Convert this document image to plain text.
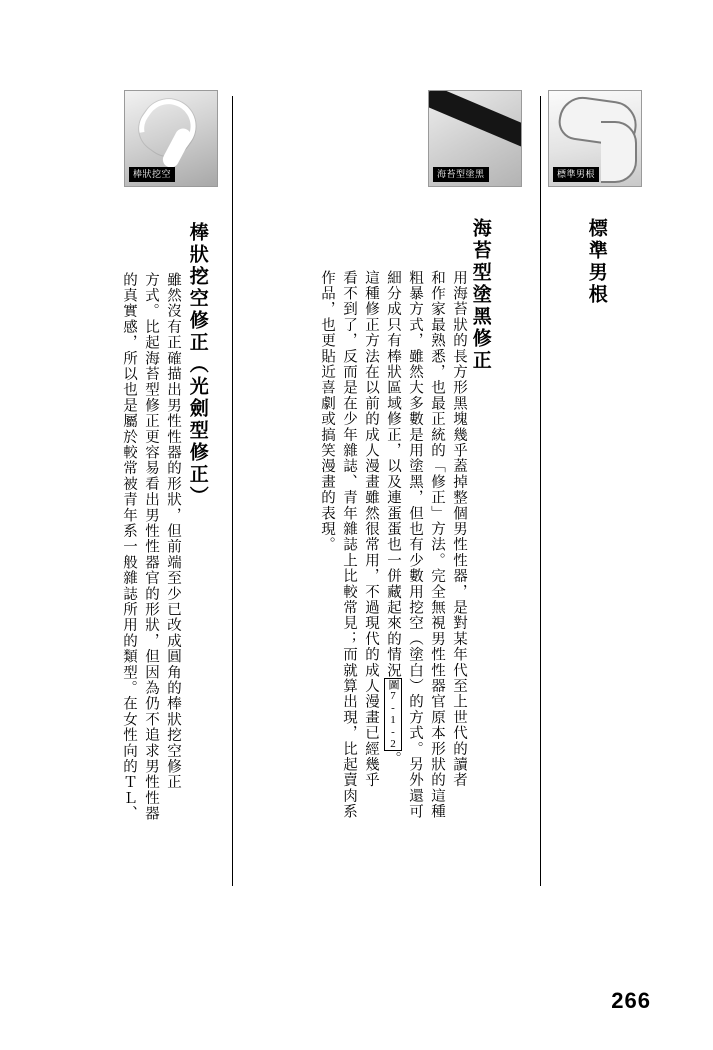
棒狀挖空	海苔型塗黑	標準男根
標準男根
海苔型塗黑修正
棒狀挖空修正（光劍型修正）	用海苔狀的長方形黑塊幾乎蓋掉整個男性性器，是對某年代至上世代的讀者
和作家最熟悉，也最正統的「修正」方法。完全無視男性性器官原本形狀的這種
粗暴方式，雖然大多數是用塗黑，但也有少數用挖空（塗白）的方式。另外還可
細分成只有棒狀區域修正，以及連蛋蛋也一併藏起來的情況圖7-1-2。
這種修正方法在以前的成人漫畫雖然很常用，不過現代的成人漫畫已經幾乎
看不到了，反而是在少年雜誌、青年雜誌上比較常見；而就算出現，比起賣肉系
作品，也更貼近喜劇或搞笑漫畫的表現。
雖然沒有正確描出男性性器的形狀，但前端至少已改成圓角的棒狀挖空修正
方式。比起海苔型修正更容易看出男性性器官的形狀，但因為仍不追求男性性器
的真實感，所以也是屬於較常被青年系一般雜誌所用的類型。在女性向的ＴＬ、
266
